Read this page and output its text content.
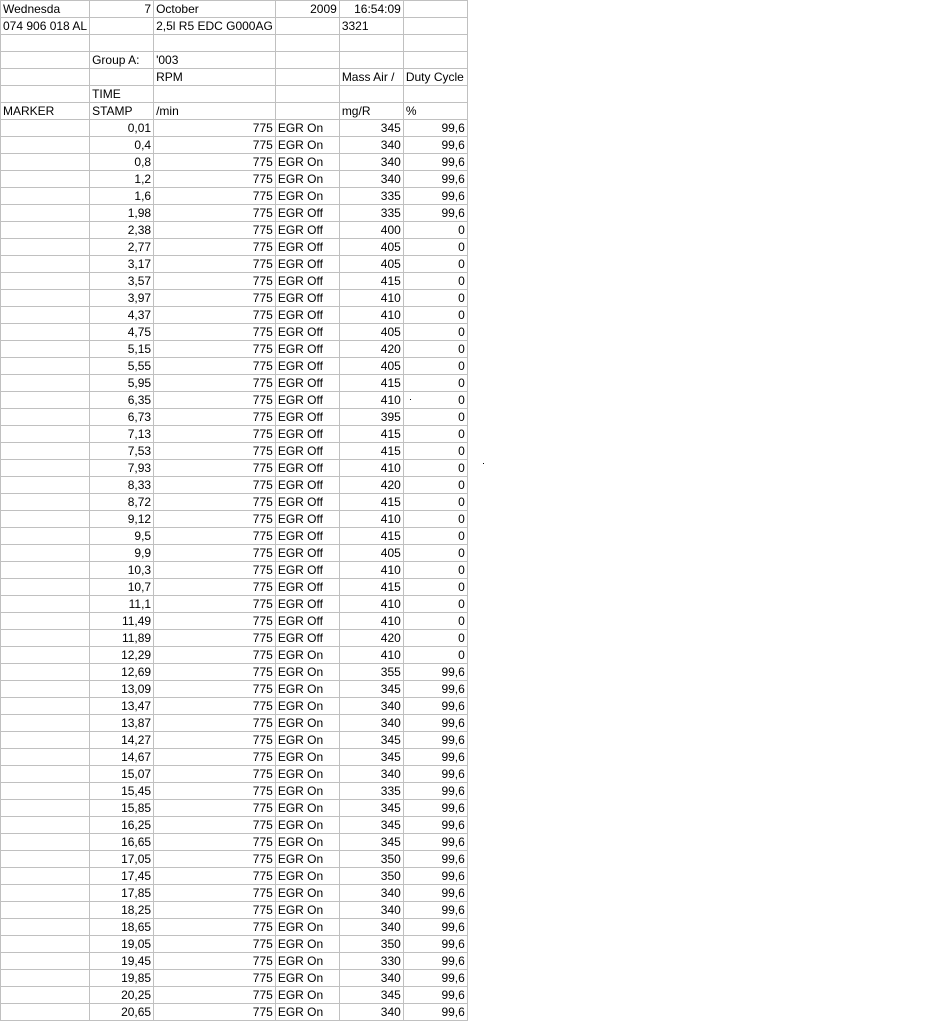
Wednesda	7	October	2009	16:54:09	
074 906 018 AL		2,5l R5 EDC G000AG		3321	

	Group A:	'003			
		RPM		Mass Air /	Duty Cycle
	TIME				
MARKER	STAMP	/min		mg/R	%
	0,01	775	EGR On	345	99,6
	0,4	775	EGR On	340	99,6
	0,8	775	EGR On	340	99,6
	1,2	775	EGR On	340	99,6
	1,6	775	EGR On	335	99,6
	1,98	775	EGR Off	335	99,6
	2,38	775	EGR Off	400	0
	2,77	775	EGR Off	405	0
	3,17	775	EGR Off	405	0
	3,57	775	EGR Off	415	0
	3,97	775	EGR Off	410	0
	4,37	775	EGR Off	410	0
	4,75	775	EGR Off	405	0
	5,15	775	EGR Off	420	0
	5,55	775	EGR Off	405	0
	5,95	775	EGR Off	415	0
	6,35	775	EGR Off	410	0
	6,73	775	EGR Off	395	0
	7,13	775	EGR Off	415	0
	7,53	775	EGR Off	415	0
	7,93	775	EGR Off	410	0
	8,33	775	EGR Off	420	0
	8,72	775	EGR Off	415	0
	9,12	775	EGR Off	410	0
	9,5	775	EGR Off	415	0
	9,9	775	EGR Off	405	0
	10,3	775	EGR Off	410	0
	10,7	775	EGR Off	415	0
	11,1	775	EGR Off	410	0
	11,49	775	EGR Off	410	0
	11,89	775	EGR Off	420	0
	12,29	775	EGR On	410	0
	12,69	775	EGR On	355	99,6
	13,09	775	EGR On	345	99,6
	13,47	775	EGR On	340	99,6
	13,87	775	EGR On	340	99,6
	14,27	775	EGR On	345	99,6
	14,67	775	EGR On	345	99,6
	15,07	775	EGR On	340	99,6
	15,45	775	EGR On	335	99,6
	15,85	775	EGR On	345	99,6
	16,25	775	EGR On	345	99,6
	16,65	775	EGR On	345	99,6
	17,05	775	EGR On	350	99,6
	17,45	775	EGR On	350	99,6
	17,85	775	EGR On	340	99,6
	18,25	775	EGR On	340	99,6
	18,65	775	EGR On	340	99,6
	19,05	775	EGR On	350	99,6
	19,45	775	EGR On	330	99,6
	19,85	775	EGR On	340	99,6
	20,25	775	EGR On	345	99,6
	20,65	775	EGR On	340	99,6
